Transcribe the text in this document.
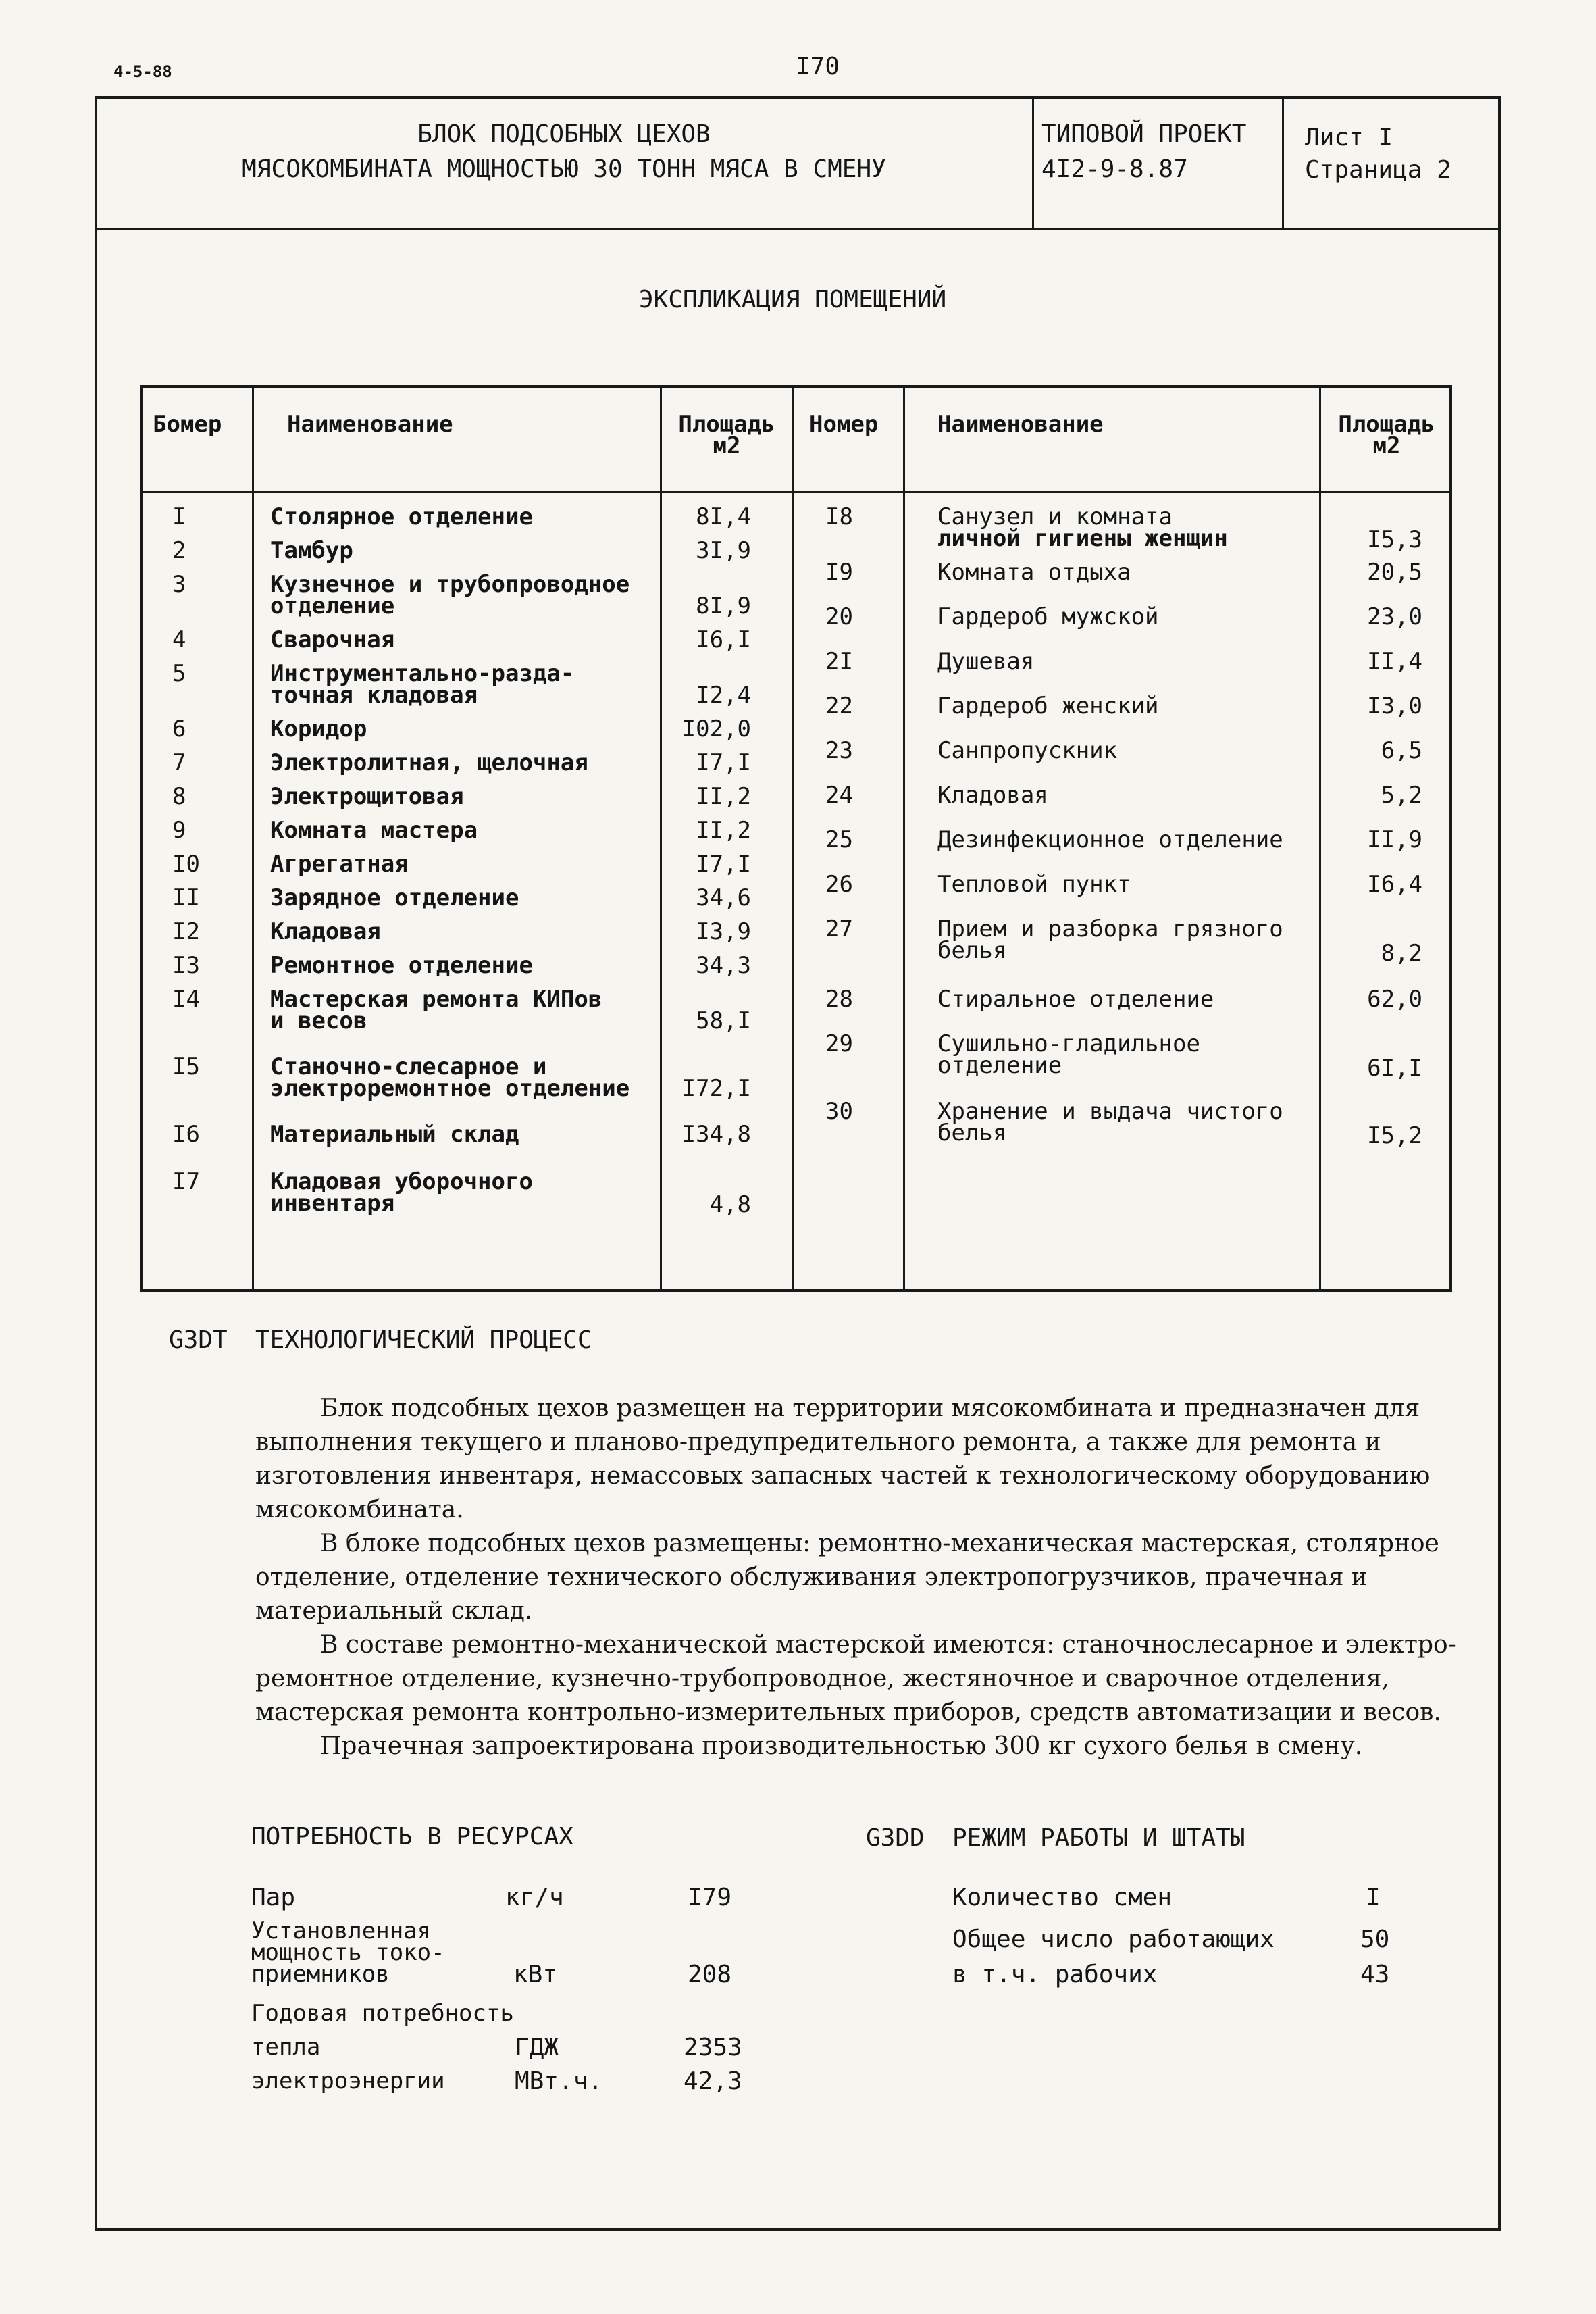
4-5-88	I70
БЛОК ПОДСОБНЫХ ЦЕХОВ
МЯСОКОМБИНАТА МОЩНОСТЬЮ 30 ТОНН МЯСА В СМЕНУ
ТИПОВОЙ ПРОЕКТ
4I2-9-8.87
Лист I
Страница 2
ЭКСПЛИКАЦИЯ ПОМЕЩЕНИЙ
Бомер	Наименование	Площадь
м2
Номер	Наименование	Площадь
м2
I	Столярное отделение	8I,4
2	Тамбур	3I,9
3	Кузнечное и трубопроводное
отделение	8I,9
4	Сварочная	I6,I
5	Инструментально-разда-
точная кладовая	I2,4
6	Коридор	I02,0
7	Электролитная, щелочная	I7,I
8	Электрощитовая	II,2
9	Комната мастера	II,2
I0	Агрегатная	I7,I
II	Зарядное отделение	34,6
I2	Кладовая	I3,9
I3	Ремонтное отделение	34,3
I4	Мастерская ремонта КИПов
и весов	58,I
I5	Станочно-слесарное и
электроремонтное отделение	I72,I
I6	Материальный склад	I34,8
I7	Кладовая уборочного
инвентаря	4,8
I8	Санузел и комната
личной гигиены женщин	I5,3
I9	Комната отдыха	20,5
20	Гардероб мужской	23,0
2I	Душевая	II,4
22	Гардероб женский	I3,0
23	Санпропускник	6,5
24	Кладовая	5,2
25	Дезинфекционное отделение	II,9
26	Тепловой пункт	I6,4
27	Прием и разборка грязного
белья	8,2
28	Стиральное отделение	62,0
29	Сушильно-гладильное
отделение	6I,I
30	Хранение и выдача чистого
белья	I5,2
G3DT ТЕХНОЛОГИЧЕСКИЙ ПРОЦЕСС

Блок подсобных цехов размещен на территории мясокомбината и предназначен для

выполнения текущего и планово-предупредительного ремонта, а также для ремонта и

изготовления инвентаря, немассовых запасных частей к технологическому оборудованию

мясокомбината.

В блоке подсобных цехов размещены: ремонтно-механическая мастерская, столярное

отделение, отделение технического обслуживания электропогрузчиков, прачечная и

материальный склад.

В составе ремонтно-механической мастерской имеются: станочнослесарное и электро-

ремонтное отделение, кузнечно-трубопроводное, жестяночное и сварочное отделения,

мастерская ремонта контрольно-измерительных приборов, средств автоматизации и весов.

Прачечная запроектирована производительностью 300 кг сухого белья в смену.

ПОТРЕБНОСТЬ В РЕСУРСАХ
Пар	кг/ч	I79
Установленная
мощность токо-
приемников	кВт	208
Годовая потребность
тепла	ГДЖ	2353
электроэнергии	МВт.ч.	42,3
G3DD РЕЖИМ РАБОТЫ И ШТАТЫ
Количество смен	I
Общее число работающих	50
в т.ч. рабочих	43
